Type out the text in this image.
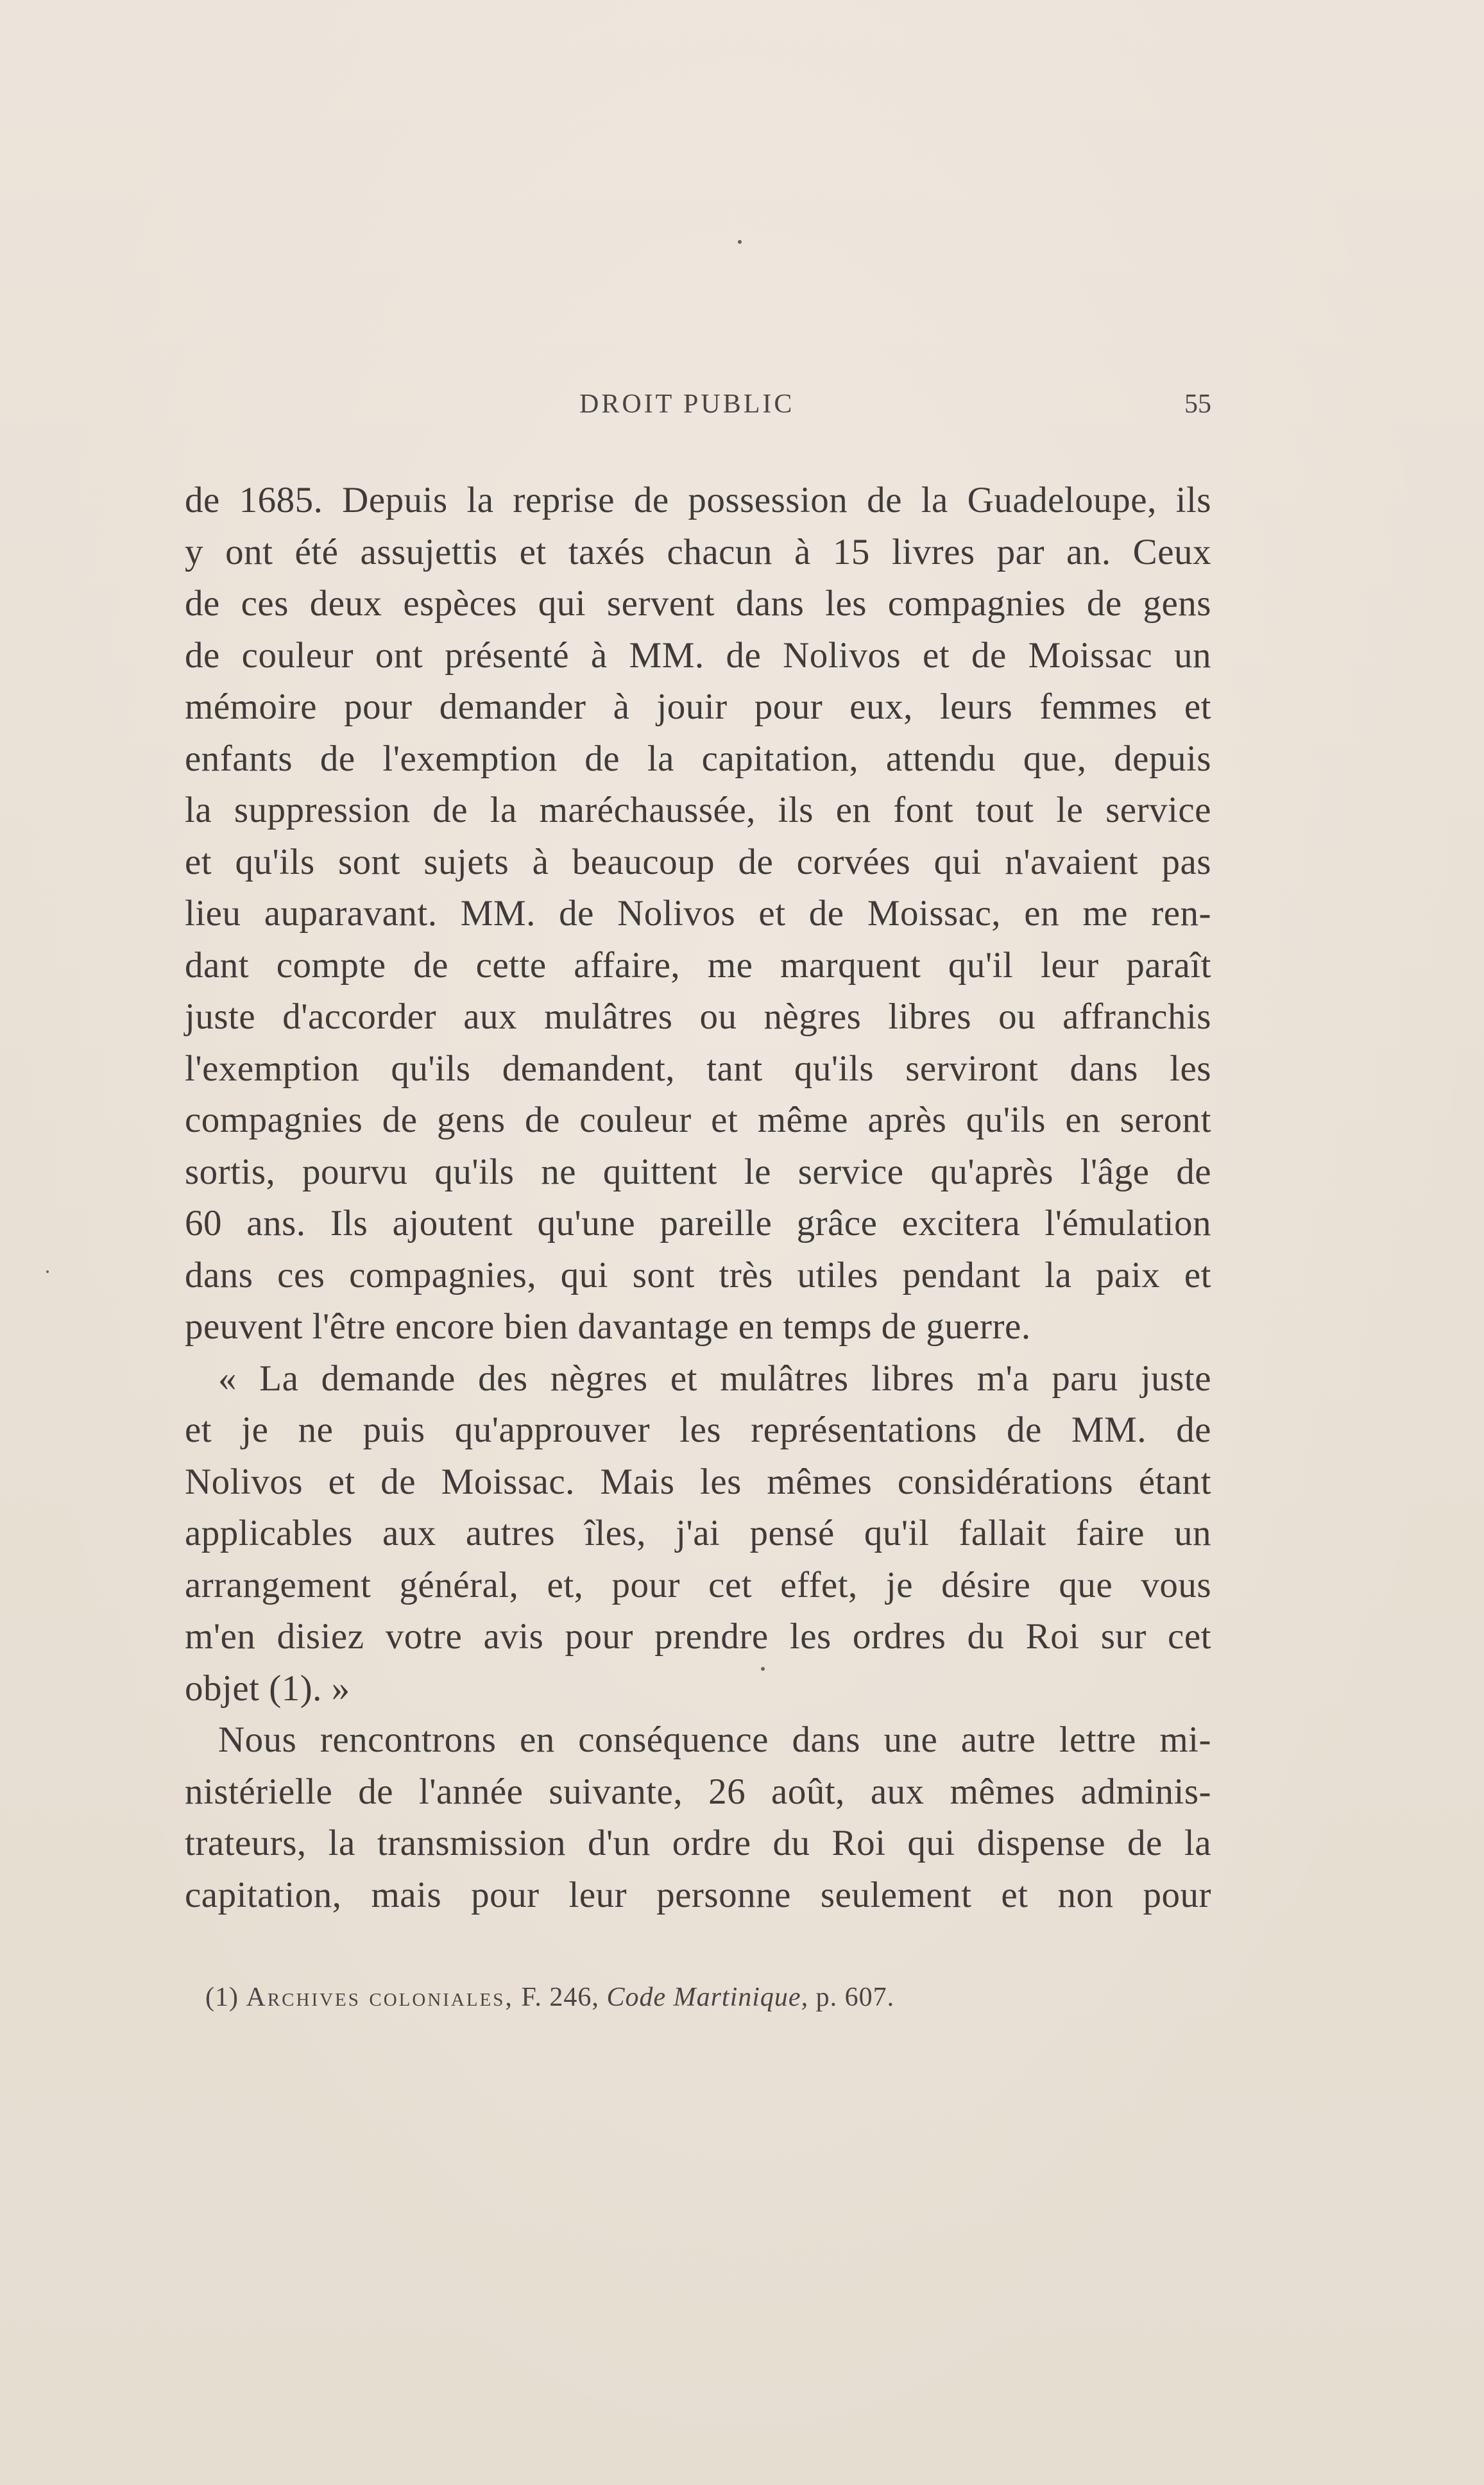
DROIT PUBLIC	55
de 1685. Depuis la reprise de possession de la Guadeloupe, ils
y ont été assujettis et taxés chacun à 15 livres par an. Ceux
de ces deux espèces qui servent dans les compagnies de gens
de couleur ont présenté à MM. de Nolivos et de Moissac un
mémoire pour demander à jouir pour eux, leurs femmes et
enfants de l'exemption de la capitation, attendu que, depuis
la suppression de la maréchaussée, ils en font tout le service
et qu'ils sont sujets à beaucoup de corvées qui n'avaient pas
lieu auparavant. MM. de Nolivos et de Moissac, en me ren-
dant compte de cette affaire, me marquent qu'il leur paraît
juste d'accorder aux mulâtres ou nègres libres ou affranchis
l'exemption qu'ils demandent, tant qu'ils serviront dans les
compagnies de gens de couleur et même après qu'ils en seront
sortis, pourvu qu'ils ne quittent le service qu'après l'âge de
60 ans. Ils ajoutent qu'une pareille grâce excitera l'émulation
dans ces compagnies, qui sont très utiles pendant la paix et
peuvent l'être encore bien davantage en temps de guerre.
« La demande des nègres et mulâtres libres m'a paru juste
et je ne puis qu'approuver les représentations de MM. de
Nolivos et de Moissac. Mais les mêmes considérations étant
applicables aux autres îles, j'ai pensé qu'il fallait faire un
arrangement général, et, pour cet effet, je désire que vous
m'en disiez votre avis pour prendre les ordres du Roi sur cet
objet (1). »
Nous rencontrons en conséquence dans une autre lettre mi-
nistérielle de l'année suivante, 26 août, aux mêmes adminis-
trateurs, la transmission d'un ordre du Roi qui dispense de la
capitation, mais pour leur personne seulement et non pour
(1) Archives coloniales, F. 246, Code Martinique, p. 607.
